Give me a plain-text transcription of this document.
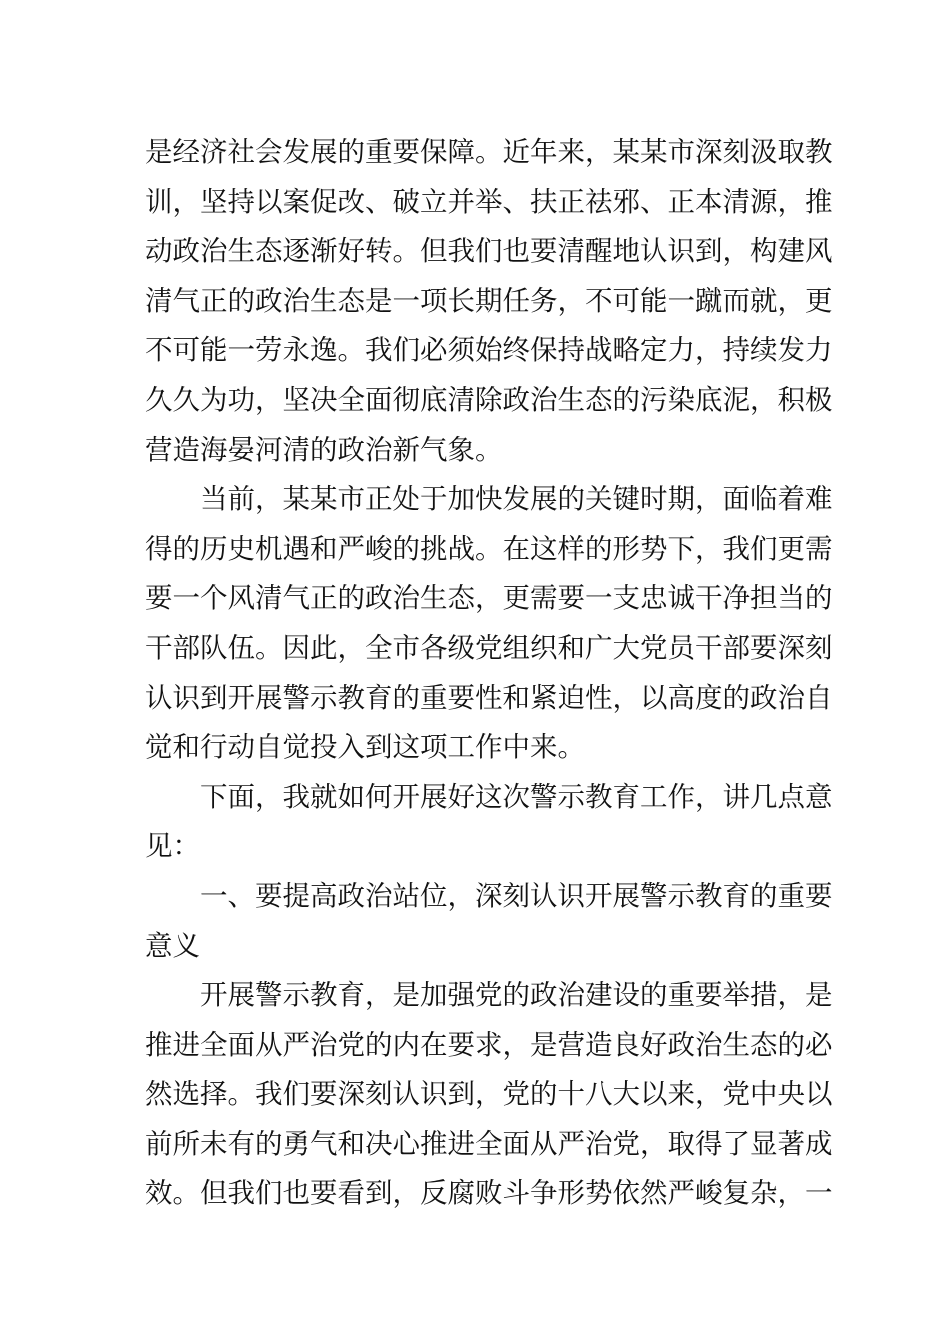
是经济社会发展的重要保障。近年来，某某市深刻汲取教
训，坚持以案促改、破立并举、扶正祛邪、正本清源，推
动政治生态逐渐好转。但我们也要清醒地认识到，构建风
清气正的政治生态是一项长期任务，不可能一蹴而就，更
不可能一劳永逸。我们必须始终保持战略定力，持续发力
久久为功，坚决全面彻底清除政治生态的污染底泥，积极
营造海晏河清的政治新气象。
当前，某某市正处于加快发展的关键时期，面临着难
得的历史机遇和严峻的挑战。在这样的形势下，我们更需
要一个风清气正的政治生态，更需要一支忠诚干净担当的
干部队伍。因此，全市各级党组织和广大党员干部要深刻
认识到开展警示教育的重要性和紧迫性，以高度的政治自
觉和行动自觉投入到这项工作中来。
下面，我就如何开展好这次警示教育工作，讲几点意
见：
一、要提高政治站位，深刻认识开展警示教育的重要
意义
开展警示教育，是加强党的政治建设的重要举措，是
推进全面从严治党的内在要求，是营造良好政治生态的必
然选择。我们要深刻认识到，党的十八大以来，党中央以
前所未有的勇气和决心推进全面从严治党，取得了显著成
效。但我们也要看到，反腐败斗争形势依然严峻复杂，一
